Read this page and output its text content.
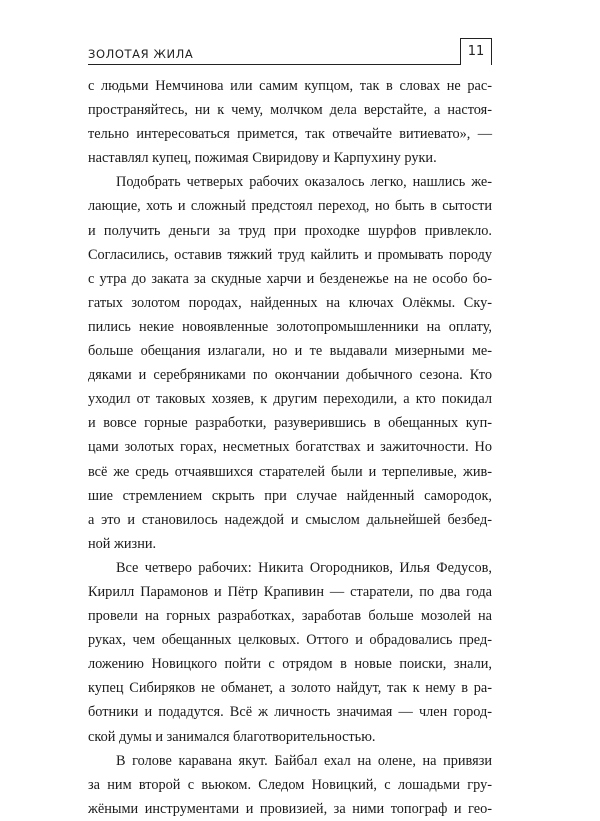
ЗОЛОТАЯ ЖИЛА	11
с людьми Немчинова или самим купцом, так в словах не рас-
пространяйтесь, ни к чему, молчком дела верстайте, а настоя-
тельно интересоваться примется, так отвечайте витиевато», —
наставлял купец, пожимая Свиридову и Карпухину руки.
Подобрать четверых рабочих оказалось легко, нашлись же-
лающие, хоть и сложный предстоял переход, но быть в сытости
и получить деньги за труд при проходке шурфов привлекло.
Согласились, оставив тяжкий труд кайлить и промывать породу
с утра до заката за скудные харчи и безденежье на не особо бо-
гатых золотом породах, найденных на ключах Олёкмы. Ску-
пились некие новоявленные золотопромышленники на оплату,
больше обещания излагали, но и те выдавали мизерными ме-
дяками и серебряниками по окончании добычного сезона. Кто
уходил от таковых хозяев, к другим переходили, а кто покидал
и вовсе горные разработки, разуверившись в обещанных куп-
цами золотых горах, несметных богатствах и зажиточности. Но
всё же средь отчаявшихся старателей были и терпеливые, жив-
шие стремлением скрыть при случае найденный самородок,
а это и становилось надеждой и смыслом дальнейшей безбед-
ной жизни.
Все четверо рабочих: Никита Огородников, Илья Федусов,
Кирилл Парамонов и Пётр Крапивин — старатели, по два года
провели на горных разработках, заработав больше мозолей на
руках, чем обещанных целковых. Оттого и обрадовались пред-
ложению Новицкого пойти с отрядом в новые поиски, знали,
купец Сибиряков не обманет, а золото найдут, так к нему в ра-
ботники и подадутся. Всё ж личность значимая — член город-
ской думы и занимался благотворительностью.
В голове каравана якут. Байбал ехал на олене, на привязи
за ним второй с вьюком. Следом Новицкий, с лошадьми гру-
жёными инструментами и провизией, за ними топограф и гео-
